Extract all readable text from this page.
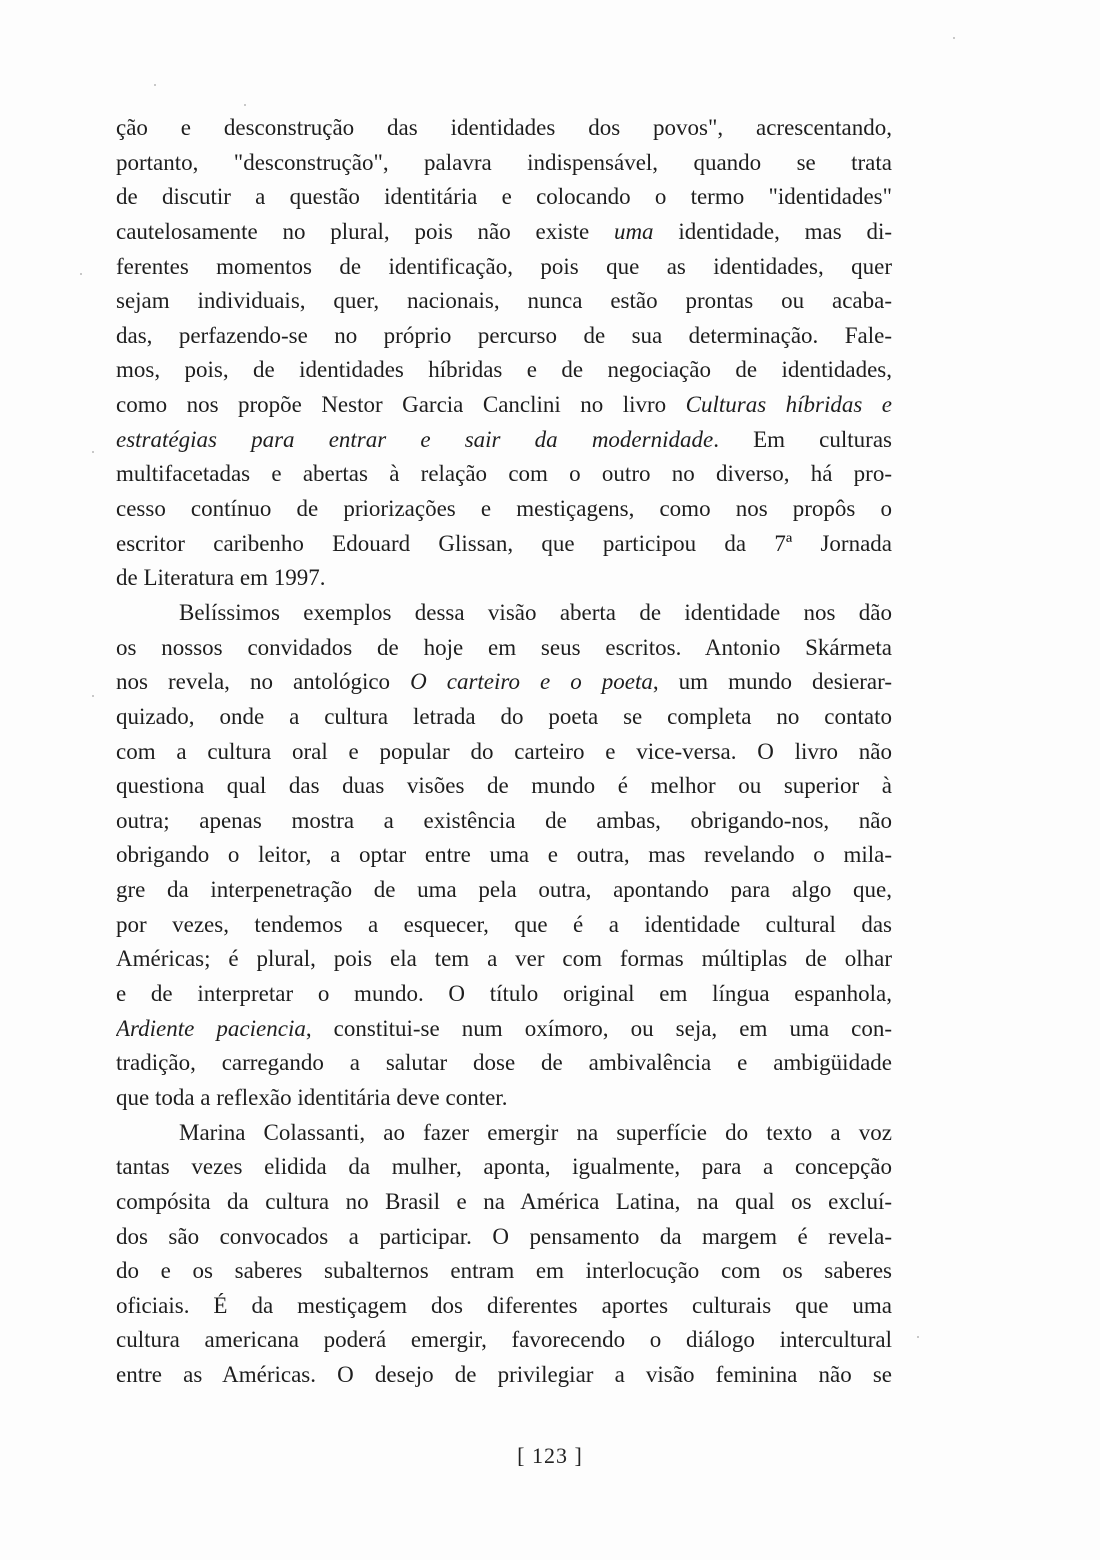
ção e desconstrução das identidades dos povos", acrescentando,
portanto, "desconstrução", palavra indispensável, quando se trata
de discutir a questão identitária e colocando o termo "identidades"
cautelosamente no plural, pois não existe uma identidade, mas di-
ferentes momentos de identificação, pois que as identidades, quer
sejam individuais, quer, nacionais, nunca estão prontas ou acaba-
das, perfazendo-se no próprio percurso de sua determinação. Fale-
mos, pois, de identidades híbridas e de negociação de identidades,
como nos propõe Nestor Garcia Canclini no livro Culturas híbridas e
estratégias para entrar e sair da modernidade. Em culturas
multifacetadas e abertas à relação com o outro no diverso, há pro-
cesso contínuo de priorizações e mestiçagens, como nos propôs o
escritor caribenho Edouard Glissan, que participou da 7ª Jornada
de Literatura em 1997.
Belíssimos exemplos dessa visão aberta de identidade nos dão
os nossos convidados de hoje em seus escritos. Antonio Skármeta
nos revela, no antológico O carteiro e o poeta, um mundo desierar-
quizado, onde a cultura letrada do poeta se completa no contato
com a cultura oral e popular do carteiro e vice-versa. O livro não
questiona qual das duas visões de mundo é melhor ou superior à
outra; apenas mostra a existência de ambas, obrigando-nos, não
obrigando o leitor, a optar entre uma e outra, mas revelando o mila-
gre da interpenetração de uma pela outra, apontando para algo que,
por vezes, tendemos a esquecer, que é a identidade cultural das
Américas; é plural, pois ela tem a ver com formas múltiplas de olhar
e de interpretar o mundo. O título original em língua espanhola,
Ardiente paciencia, constitui-se num oxímoro, ou seja, em uma con-
tradição, carregando a salutar dose de ambivalência e ambigüidade
que toda a reflexão identitária deve conter.
Marina Colassanti, ao fazer emergir na superfície do texto a voz
tantas vezes elidida da mulher, aponta, igualmente, para a concepção
compósita da cultura no Brasil e na América Latina, na qual os excluí-
dos são convocados a participar. O pensamento da margem é revela-
do e os saberes subalternos entram em interlocução com os saberes
oficiais. É da mestiçagem dos diferentes aportes culturais que uma
cultura americana poderá emergir, favorecendo o diálogo intercultural
entre as Américas. O desejo de privilegiar a visão feminina não se
[ 123 ]
